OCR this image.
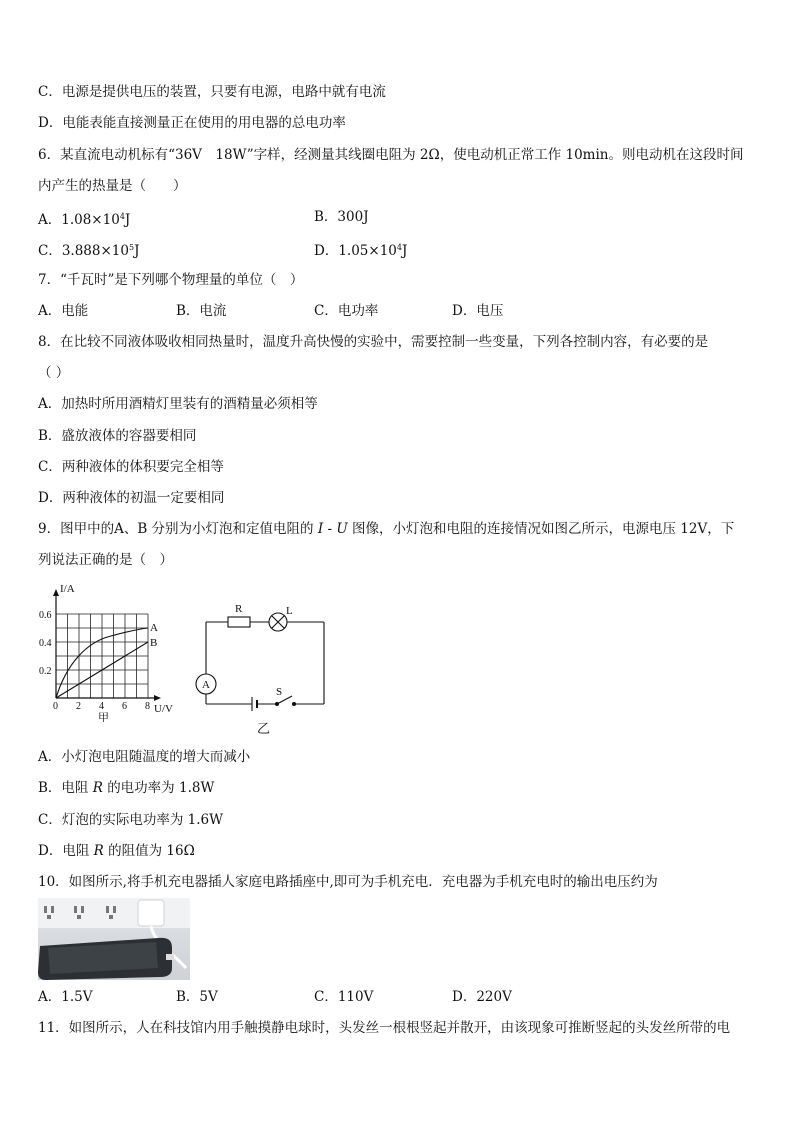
C．电源是提供电压的装置，只要有电源，电路中就有电流
D．电能表能直接测量正在使用的用电器的总电功率
6．某直流电动机标有“36V　18W”字样，经测量其线圈电阻为 2Ω，使电动机正常工作 10min。则电动机在这段时间
内产生的热量是（　　）
A．$1.08\times 10^4J$	B．300J
C．$3.888\times 10^5J$	D．$1.05\times 10^4J$
7．“千瓦时”是下列哪个物理量的单位（　）
A．电能	B．电流	C．电功率	D．电压
8．在比较不同液体吸收相同热量时，温度升高快慢的实验中，需要控制一些变量，下列各控制内容，有必要的是
（ ）
A．加热时所用酒精灯里装有的酒精量必须相等
B．盛放液体的容器要相同
C．两种液体的体积要完全相等
D．两种液体的初温一定要相同
9．图甲中的A、B 分别为小灯泡和定值电阻的 I - U 图像，小灯泡和电阻的连接情况如图乙所示，电源电压 12V，下
列说法正确的是（　）
I/A
U/V
A
B
0.6
0.4
0.2
0 2 4 6 8
甲
R	L
A
S
乙
A．小灯泡电阻随温度的增大而减小
B．电阻 R 的电功率为 1.8W
C．灯泡的实际电功率为 1.6W
D．电阻 R 的阻值为 16Ω
10．如图所示,将手机充电器插人家庭电路插座中,即可为手机充电．充电器为手机充电时的输出电压约为
A．1.5V	B．5V	C．110V	D．220V
11．如图所示，人在科技馆内用手触摸静电球时，头发丝一根根竖起并散开，由该现象可推断竖起的头发丝所带的电
